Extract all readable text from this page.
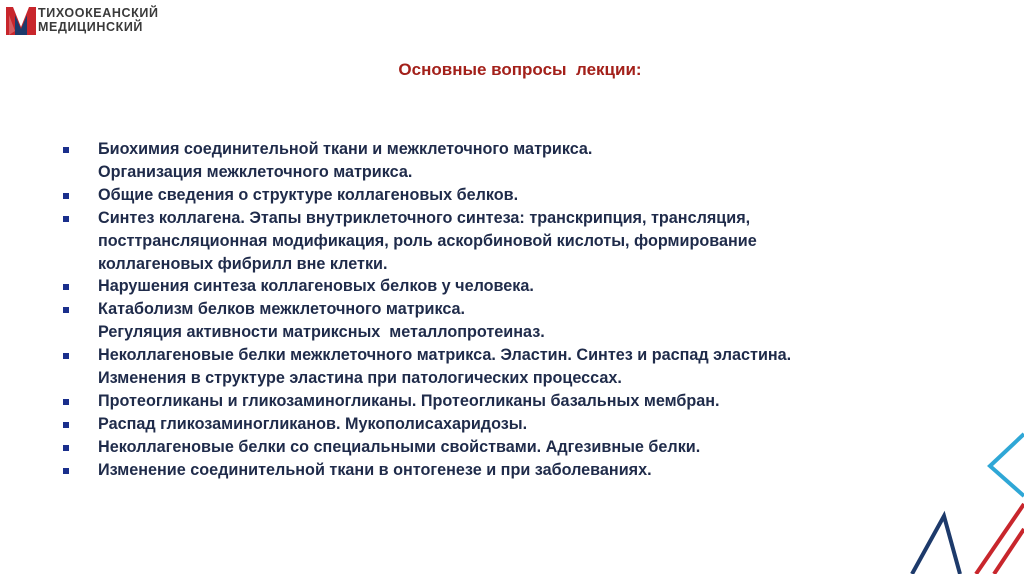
ТИХООКЕАНСКИЙ
МЕДИЦИНСКИЙ
Основные вопросы  лекции:
Биохимия соединительной ткани и межклеточного матрикса.
Организация межклеточного матрикса.
Общие сведения о структуре коллагеновых белков.
Синтез коллагена. Этапы внутриклеточного синтеза: транскрипция, трансляция,
посттрансляционная модификация, роль аскорбиновой кислоты, формирование
коллагеновых фибрилл вне клетки.
Нарушения синтеза коллагеновых белков у человека.
Катаболизм белков межклеточного матрикса.
Регуляция активности матриксных  металлопротеиназ.
Неколлагеновые белки межклеточного матрикса. Эластин. Синтез и распад эластина.
Изменения в структуре эластина при патологических процессах.
Протеогликаны и гликозаминогликаны. Протеогликаны базальных мембран.
Распад гликозаминогликанов. Мукополисахаридозы.
Неколлагеновые белки со специальными свойствами. Адгезивные белки.
Изменение соединительной ткани в онтогенезе и при заболеваниях.
